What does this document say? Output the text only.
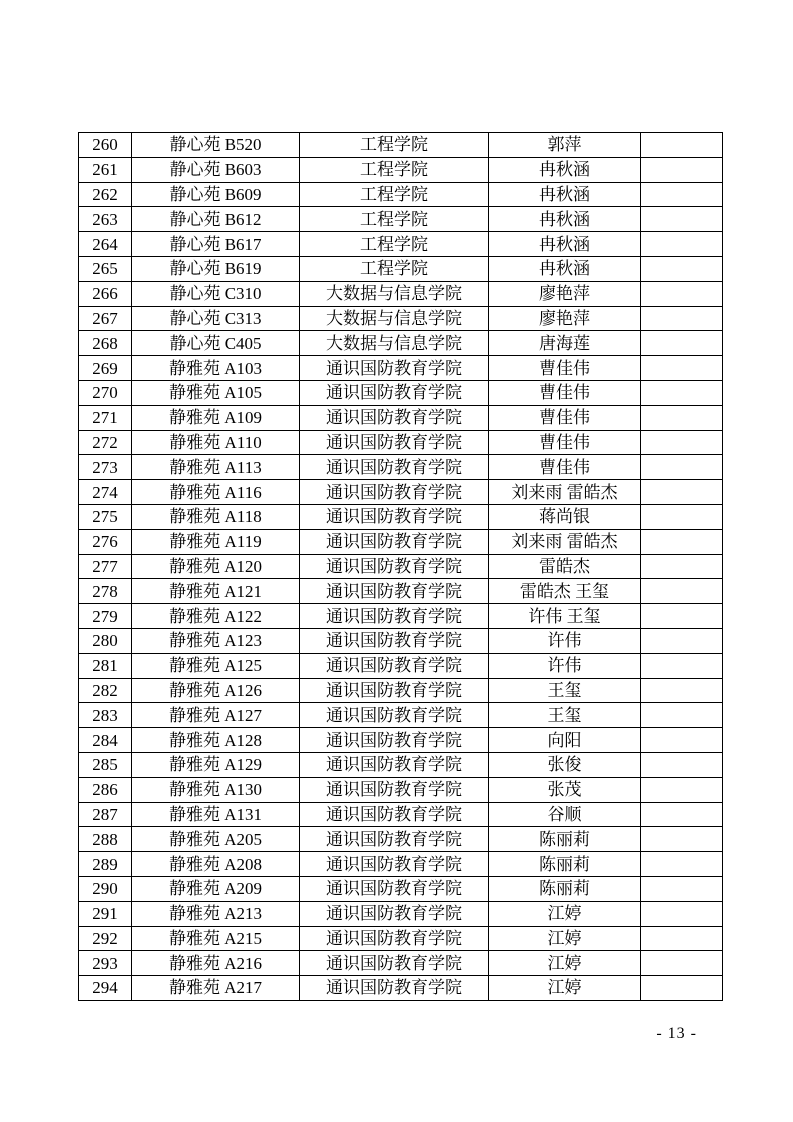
260	静心苑 B520	工程学院	郭萍	
261	静心苑 B603	工程学院	冉秋涵	
262	静心苑 B609	工程学院	冉秋涵	
263	静心苑 B612	工程学院	冉秋涵	
264	静心苑 B617	工程学院	冉秋涵	
265	静心苑 B619	工程学院	冉秋涵	
266	静心苑 C310	大数据与信息学院	廖艳萍	
267	静心苑 C313	大数据与信息学院	廖艳萍	
268	静心苑 C405	大数据与信息学院	唐海莲	
269	静雅苑 A103	通识国防教育学院	曹佳伟	
270	静雅苑 A105	通识国防教育学院	曹佳伟	
271	静雅苑 A109	通识国防教育学院	曹佳伟	
272	静雅苑 A110	通识国防教育学院	曹佳伟	
273	静雅苑 A113	通识国防教育学院	曹佳伟	
274	静雅苑 A116	通识国防教育学院	刘来雨 雷皓杰	
275	静雅苑 A118	通识国防教育学院	蒋尚银	
276	静雅苑 A119	通识国防教育学院	刘来雨 雷皓杰	
277	静雅苑 A120	通识国防教育学院	雷皓杰	
278	静雅苑 A121	通识国防教育学院	雷皓杰 王玺	
279	静雅苑 A122	通识国防教育学院	许伟 王玺	
280	静雅苑 A123	通识国防教育学院	许伟	
281	静雅苑 A125	通识国防教育学院	许伟	
282	静雅苑 A126	通识国防教育学院	王玺	
283	静雅苑 A127	通识国防教育学院	王玺	
284	静雅苑 A128	通识国防教育学院	向阳	
285	静雅苑 A129	通识国防教育学院	张俊	
286	静雅苑 A130	通识国防教育学院	张茂	
287	静雅苑 A131	通识国防教育学院	谷顺	
288	静雅苑 A205	通识国防教育学院	陈丽莉	
289	静雅苑 A208	通识国防教育学院	陈丽莉	
290	静雅苑 A209	通识国防教育学院	陈丽莉	
291	静雅苑 A213	通识国防教育学院	江婷	
292	静雅苑 A215	通识国防教育学院	江婷	
293	静雅苑 A216	通识国防教育学院	江婷	
294	静雅苑 A217	通识国防教育学院	江婷	
- 13 -
